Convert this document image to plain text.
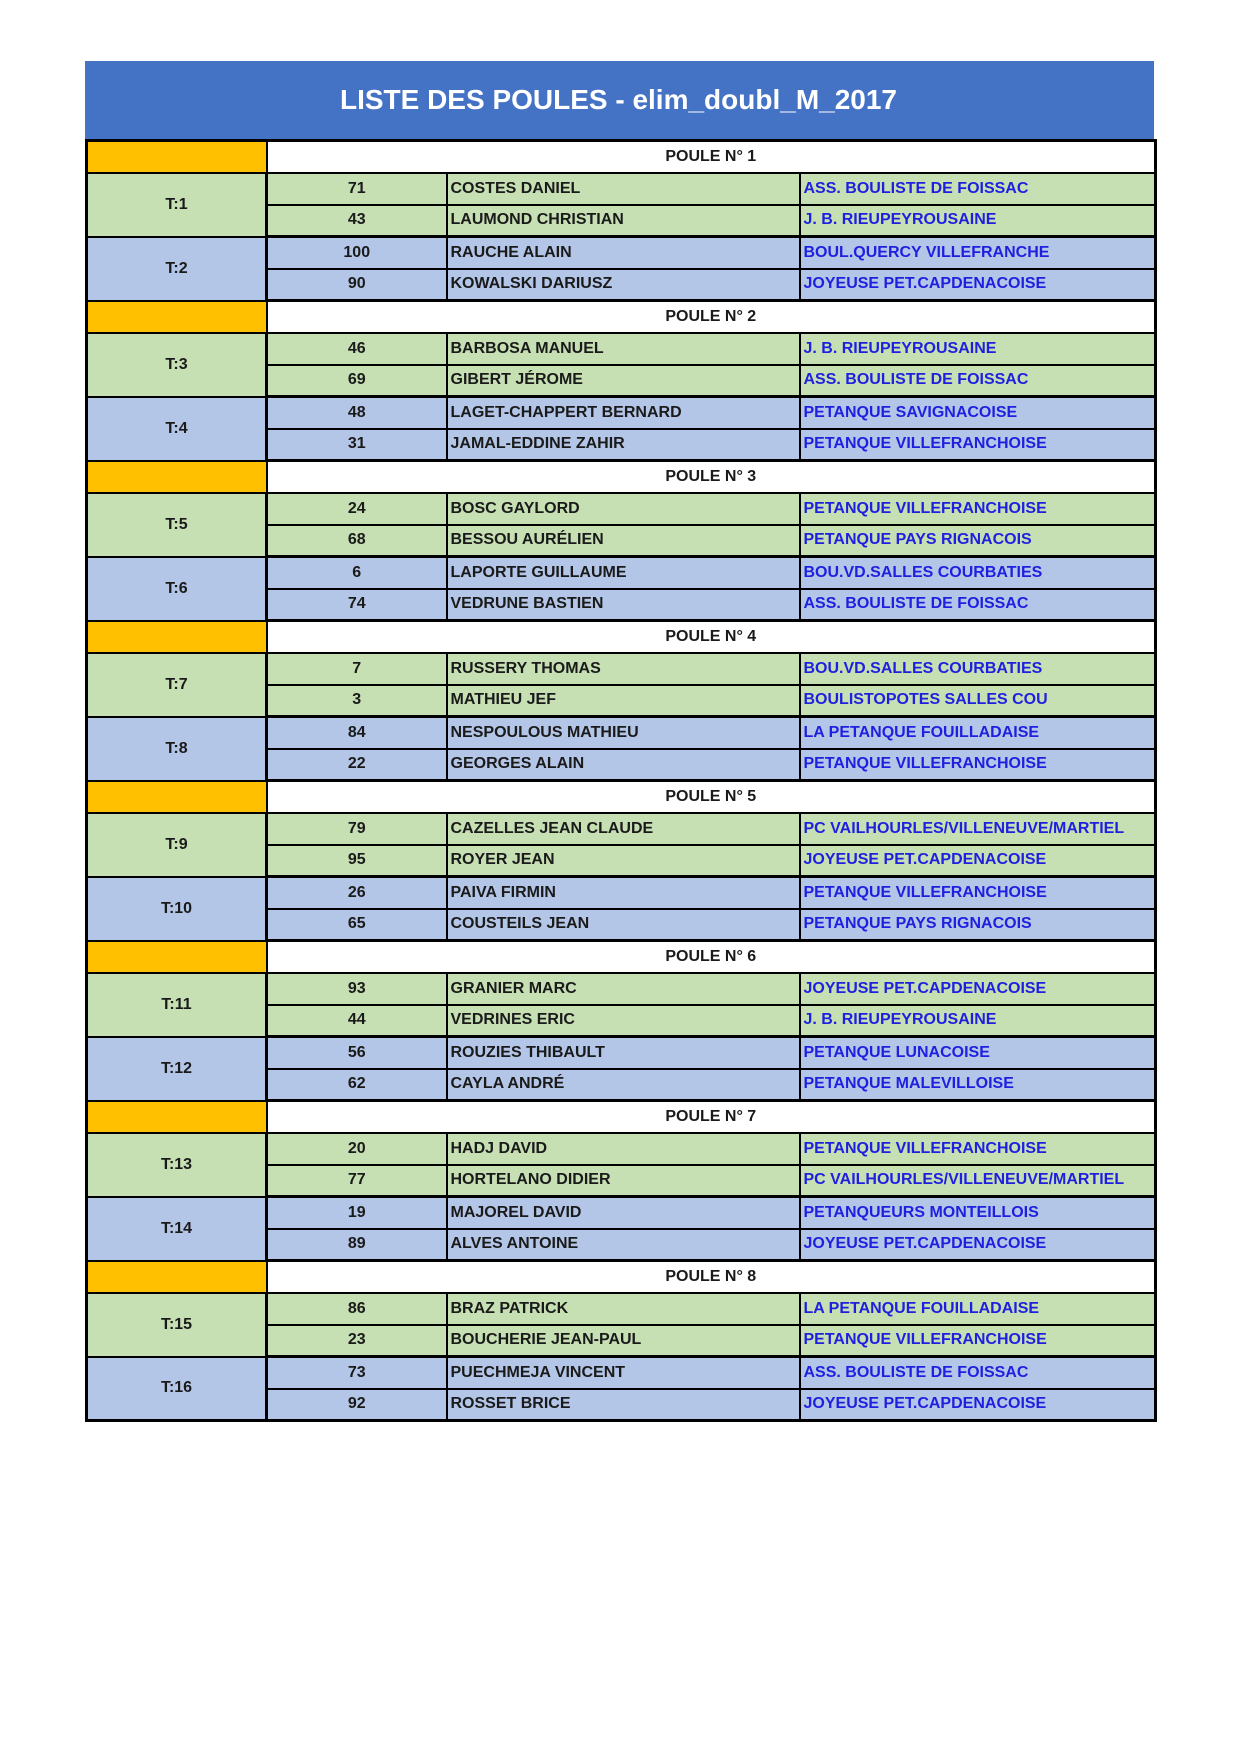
LISTE DES POULES - elim_doubl_M_2017
	POULE N° 1		
T:1	71	COSTES DANIEL	ASS. BOULISTE DE FOISSAC
	43	LAUMOND CHRISTIAN	J. B. RIEUPEYROUSAINE
T:2	100	RAUCHE ALAIN	BOUL.QUERCY VILLEFRANCHE
	90	KOWALSKI DARIUSZ	JOYEUSE PET.CAPDENACOISE
	POULE N° 2		
T:3	46	BARBOSA MANUEL	J. B. RIEUPEYROUSAINE
	69	GIBERT JÉROME	ASS. BOULISTE DE FOISSAC
T:4	48	LAGET-CHAPPERT BERNARD	PETANQUE SAVIGNACOISE
	31	JAMAL-EDDINE ZAHIR	PETANQUE VILLEFRANCHOISE
	POULE N° 3		
T:5	24	BOSC GAYLORD	PETANQUE VILLEFRANCHOISE
	68	BESSOU AURÉLIEN	PETANQUE PAYS RIGNACOIS
T:6	6	LAPORTE GUILLAUME	BOU.VD.SALLES COURBATIES
	74	VEDRUNE BASTIEN	ASS. BOULISTE DE FOISSAC
	POULE N° 4		
T:7	7	RUSSERY THOMAS	BOU.VD.SALLES COURBATIES
	3	MATHIEU JEF	BOULISTOPOTES SALLES COU
T:8	84	NESPOULOUS MATHIEU	LA PETANQUE FOUILLADAISE
	22	GEORGES ALAIN	PETANQUE VILLEFRANCHOISE
	POULE N° 5		
T:9	79	CAZELLES JEAN CLAUDE	PC VAILHOURLES/VILLENEUVE/MARTIEL
	95	ROYER JEAN	JOYEUSE PET.CAPDENACOISE
T:10	26	PAIVA FIRMIN	PETANQUE VILLEFRANCHOISE
	65	COUSTEILS JEAN	PETANQUE PAYS RIGNACOIS
	POULE N° 6		
T:11	93	GRANIER MARC	JOYEUSE PET.CAPDENACOISE
	44	VEDRINES ERIC	J. B. RIEUPEYROUSAINE
T:12	56	ROUZIES THIBAULT	PETANQUE LUNACOISE
	62	CAYLA ANDRÉ	PETANQUE MALEVILLOISE
	POULE N° 7		
T:13	20	HADJ DAVID	PETANQUE VILLEFRANCHOISE
	77	HORTELANO DIDIER	PC VAILHOURLES/VILLENEUVE/MARTIEL
T:14	19	MAJOREL DAVID	PETANQUEURS MONTEILLOIS
	89	ALVES ANTOINE	JOYEUSE PET.CAPDENACOISE
	POULE N° 8		
T:15	86	BRAZ PATRICK	LA PETANQUE FOUILLADAISE
	23	BOUCHERIE JEAN-PAUL	PETANQUE VILLEFRANCHOISE
T:16	73	PUECHMEJA VINCENT	ASS. BOULISTE DE FOISSAC
	92	ROSSET BRICE	JOYEUSE PET.CAPDENACOISE
